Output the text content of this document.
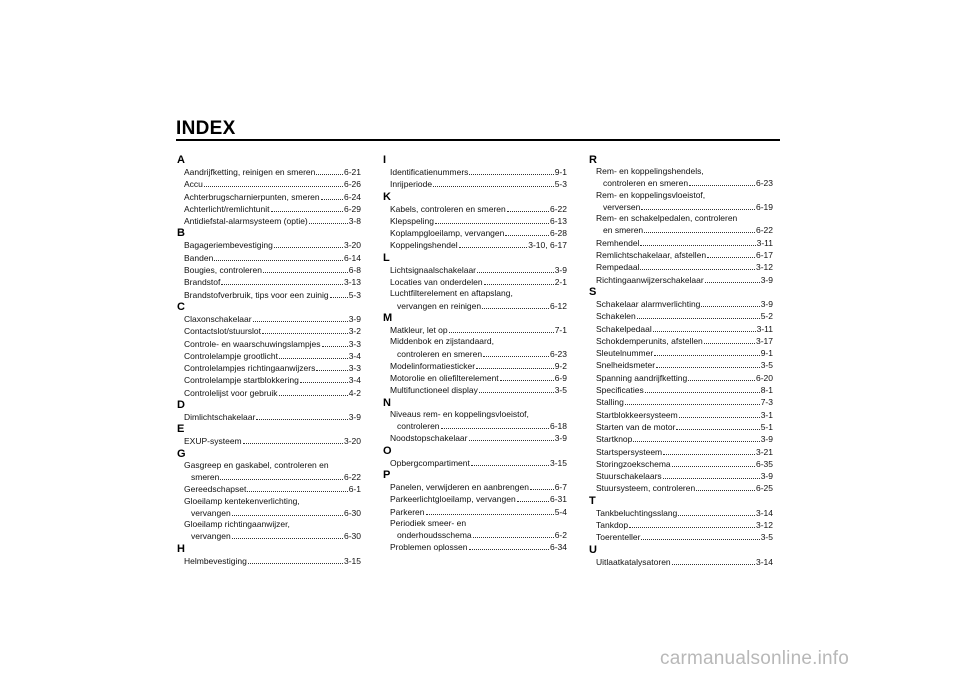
INDEX
A
Aandrijfketting, reinigen en smeren	6-21
Accu	6-26
Achterbrugscharnierpunten, smeren	6-24
Achterlicht/remlichtunit	6-29
Antidiefstal-alarmsysteem (optie)	3-8
B
Bagageriembevestiging	3-20
Banden	6-14
Bougies, controleren	6-8
Brandstof	3-13
Brandstofverbruik, tips voor een zuinig 5-3
C
Claxonschakelaar	3-9
Contactslot/stuurslot	3-2
Controle- en waarschuwingslampjes	3-3
Controlelampje grootlicht	3-4
Controlelampjes richtingaanwijzers	3-3
Controlelampje startblokkering	3-4
Controlelijst voor gebruik	4-2
D
Dimlichtschakelaar	3-9
E
EXUP-systeem	3-20
G
Gasgreep en gaskabel, controleren en
smeren	6-22
Gereedschapset	6-1
Gloeilamp kentekenverlichting,
vervangen	6-30
Gloeilamp richtingaanwijzer,
vervangen	6-30
H
Helmbevestiging	3-15
I
Identificatienummers	9-1
Inrijperiode	5-3
K
Kabels, controleren en smeren	6-22
Klepspeling	6-13
Koplampgloeilamp, vervangen	6-28
Koppelingshendel	3-10, 6-17
L
Lichtsignaalschakelaar	3-9
Locaties van onderdelen	2-1
Luchtfilterelement en aftapslang,
vervangen en reinigen	6-12
M
Matkleur, let op	7-1
Middenbok en zijstandaard,
controleren en smeren	6-23
Modelinformatiesticker	9-2
Motorolie en oliefilterelement	6-9
Multifunctioneel display	3-5
N
Niveaus rem- en koppelingsvloeistof,
controleren	6-18
Noodstopschakelaar	3-9
O
Opbergcompartiment	3-15
P
Panelen, verwijderen en aanbrengen	6-7
Parkeerlichtgloeilamp, vervangen	6-31
Parkeren	5-4
Periodiek smeer- en
onderhoudsschema	6-2
Problemen oplossen	6-34
R
Rem- en koppelingshendels,
controleren en smeren	6-23
Rem- en koppelingsvloeistof,
verversen	6-19
Rem- en schakelpedalen, controleren
en smeren	6-22
Remhendel	3-11
Remlichtschakelaar, afstellen	6-17
Rempedaal	3-12
Richtingaanwijzerschakelaar	3-9
S
Schakelaar alarmverlichting	3-9
Schakelen	5-2
Schakelpedaal	3-11
Schokdemperunits, afstellen	3-17
Sleutelnummer	9-1
Snelheidsmeter	3-5
Spanning aandrijfketting	6-20
Specificaties	8-1
Stalling	7-3
Startblokkeersysteem	3-1
Starten van de motor	5-1
Startknop	3-9
Startspersysteem	3-21
Storingzoekschema	6-35
Stuurschakelaars	3-9
Stuursysteem, controleren	6-25
T
Tankbeluchtingsslang	3-14
Tankdop	3-12
Toerenteller	3-5
U
Uitlaatkatalysatoren	3-14
carmanualsonline.info
